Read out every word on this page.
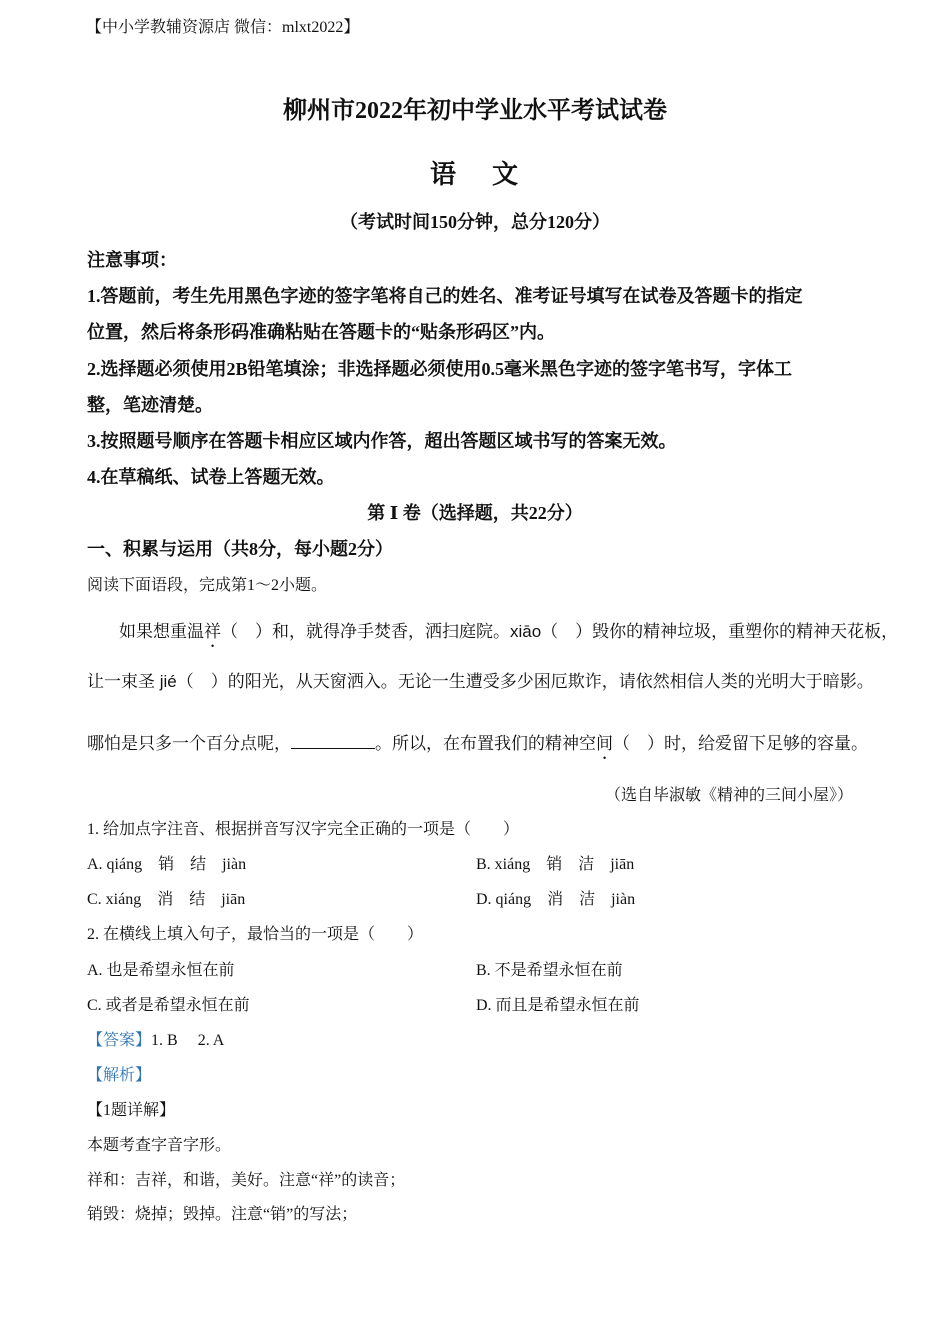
【中小学教辅资源店 微信：mlxt2022】
柳州市2022年初中学业水平考试试卷
语 文
（考试时间150分钟，总分120分）
注意事项：
1.答题前，考生先用黑色字迹的签字笔将自己的姓名、准考证号填写在试卷及答题卡的指定
位置，然后将条形码准确粘贴在答题卡的“贴条形码区”内。
2.选择题必须使用2B铅笔填涂；非选择题必须使用0.5毫米黑色字迹的签字笔书写，字体工
整，笔迹清楚。
3.按照题号顺序在答题卡相应区域内作答，超出答题区域书写的答案无效。
4.在草稿纸、试卷上答题无效。
第 Ⅰ 卷（选择题，共22分）
一、积累与运用（共8分，每小题2分）
阅读下面语段，完成第1～2小题。
如果想重温祥（　）和，就得净手焚香，洒扫庭院。xiāo（　）毁你的精神垃圾，重塑你的精神天花板，
让一束圣 jié（　）的阳光，从天窗洒入。无论一生遭受多少困厄欺诈，请依然相信人类的光明大于暗影。
哪怕是只多一个百分点呢，	。所以，在布置我们的精神空间（　）时，给爱留下足够的容量。
（选自毕淑敏《精神的三间小屋》）
1. 给加点字注音、根据拼音写汉字完全正确的一项是（　　）
A. qiáng　销　结　jiàn	B. xiáng　销　洁　jiān
C. xiáng　消　结　jiān	D. qiáng　消　洁　jiàn
2. 在横线上填入句子，最恰当的一项是（　　）
A. 也是希望永恒在前	B. 不是希望永恒在前
C. 或者是希望永恒在前	D. 而且是希望永恒在前
【答案】1. B　 2. A
【解析】
【1题详解】
本题考查字音字形。
祥和：吉祥，和谐，美好。注意“祥”的读音；
销毁：烧掉；毁掉。注意“销”的写法；
